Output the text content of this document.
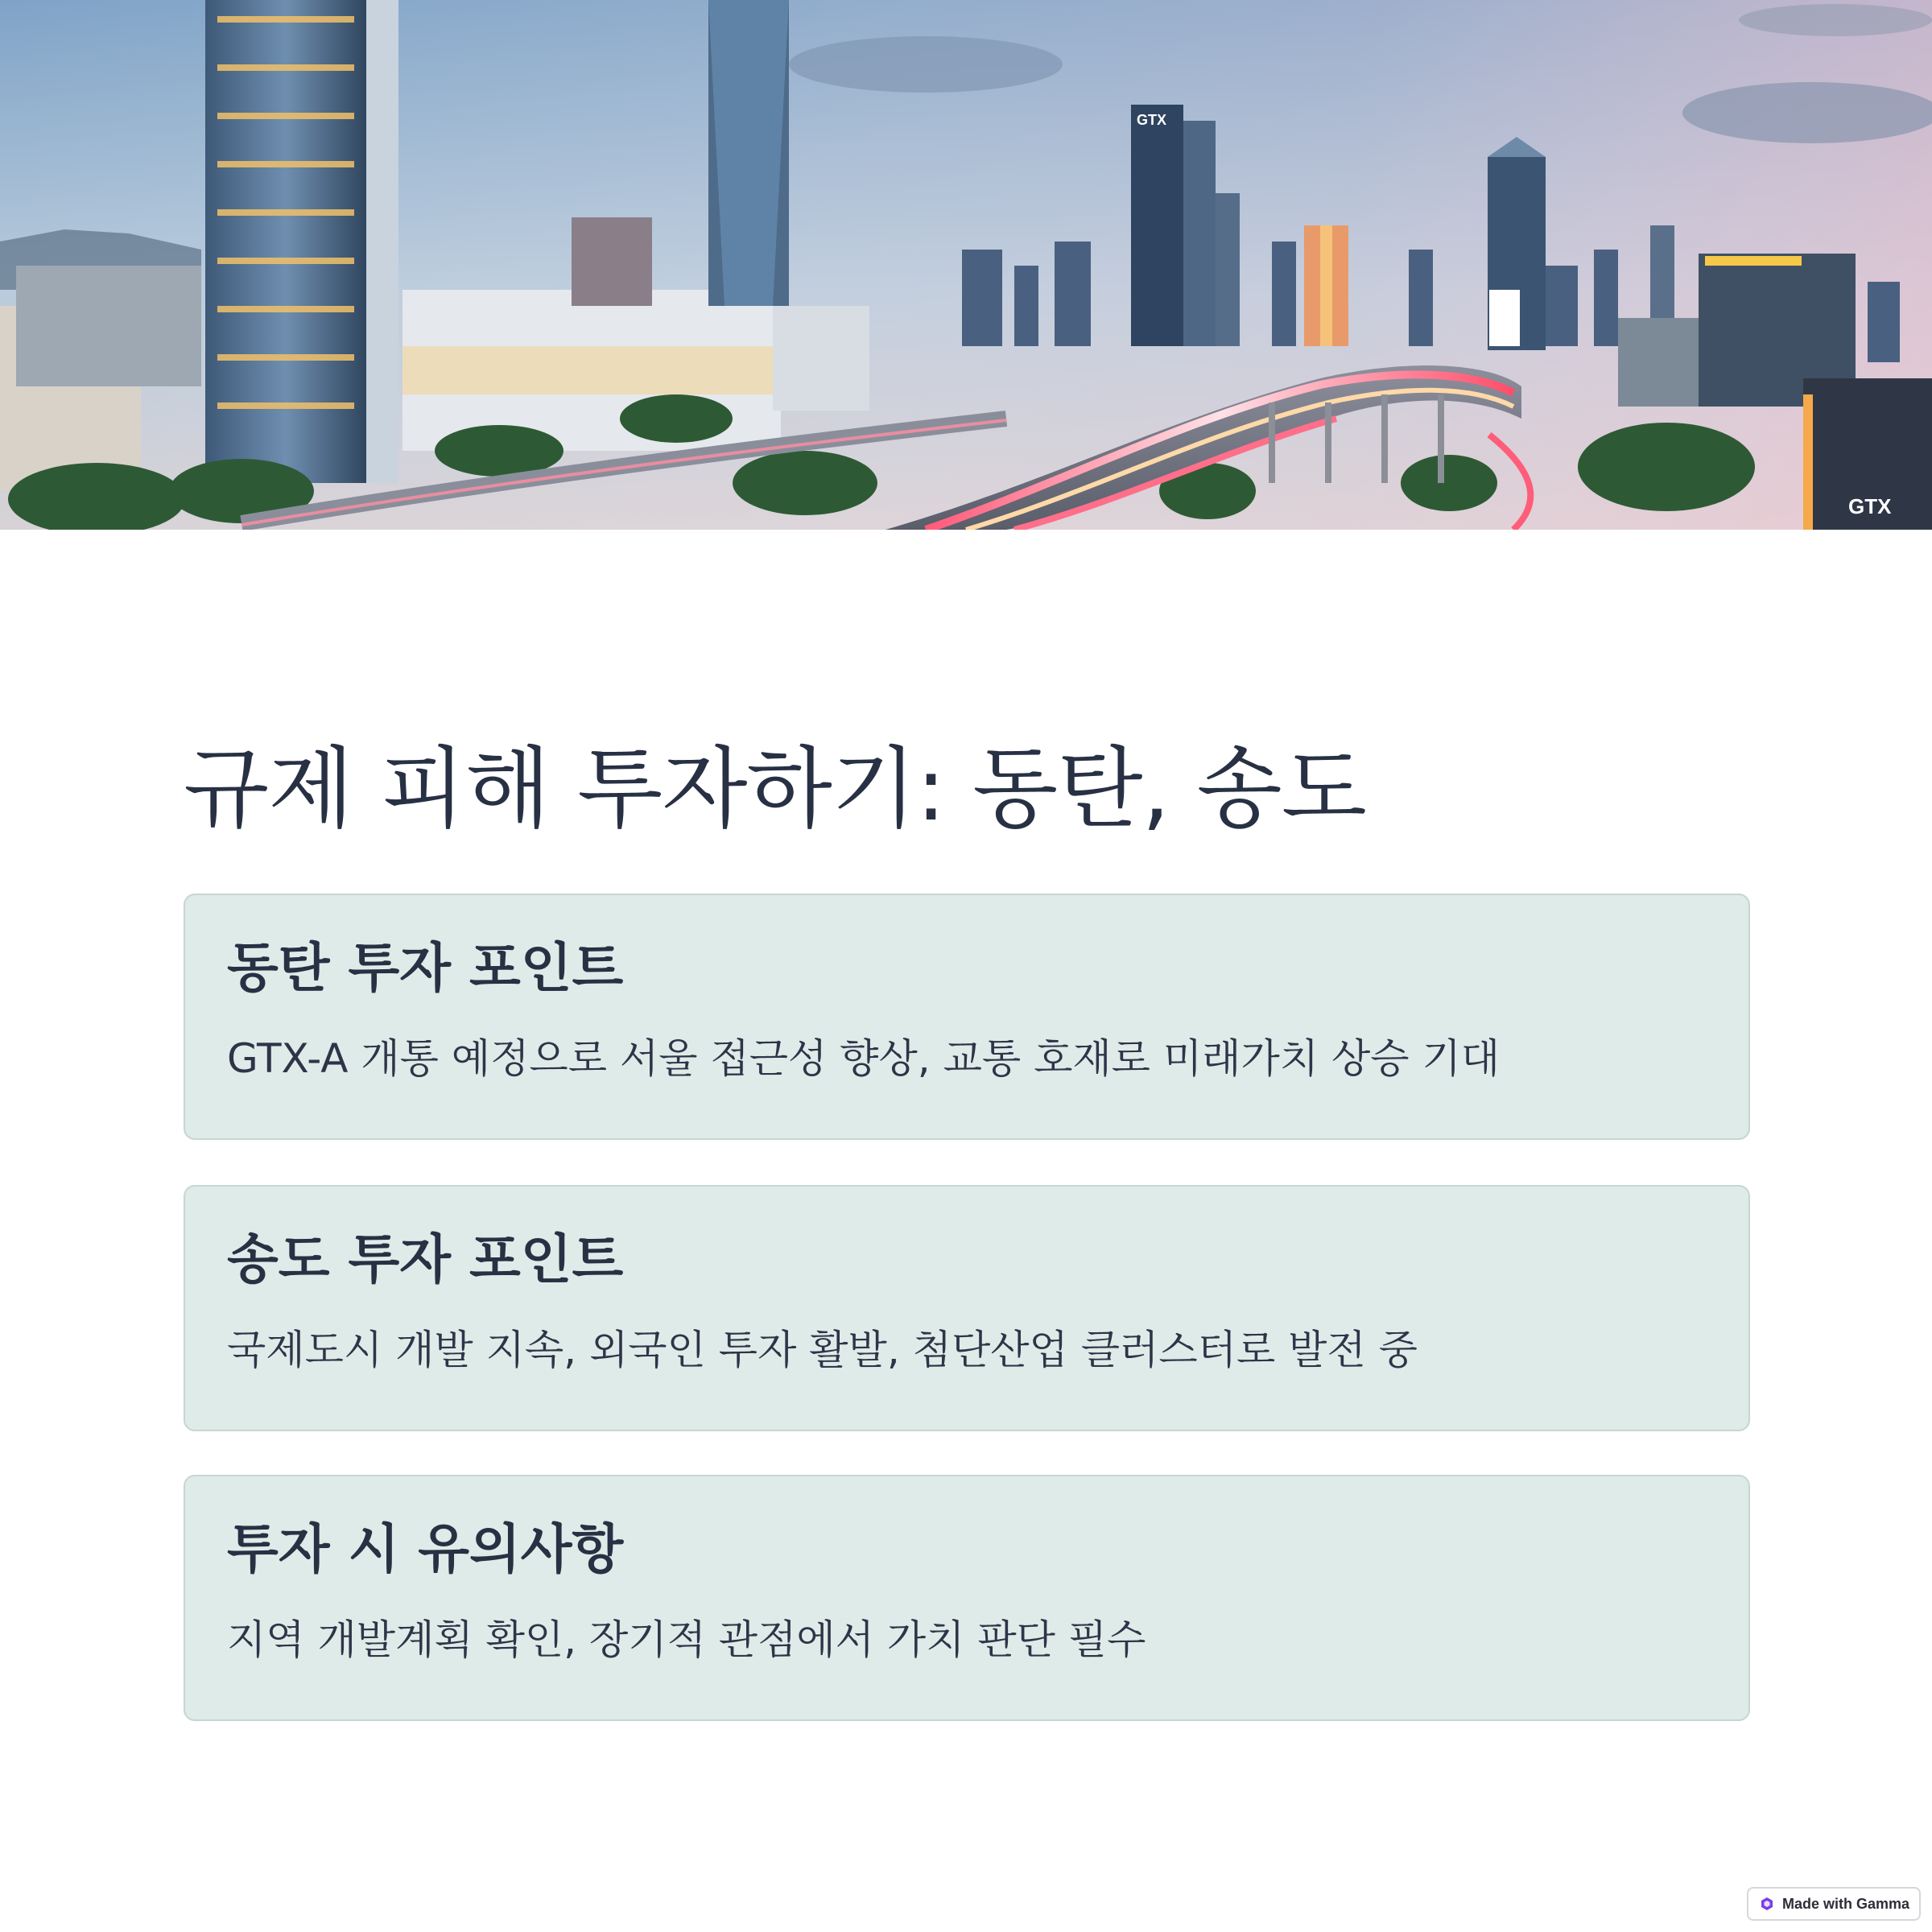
GTX
GTX
규제 피해 투자하기: 동탄, 송도
동탄 투자 포인트

GTX-A 개통 예정으로 서울 접근성 향상, 교통 호재로 미래가치 상승 기대

송도 투자 포인트

국제도시 개발 지속, 외국인 투자 활발, 첨단산업 클러스터로 발전 중

투자 시 유의사항

지역 개발계획 확인, 장기적 관점에서 가치 판단 필수

Made with Gamma
